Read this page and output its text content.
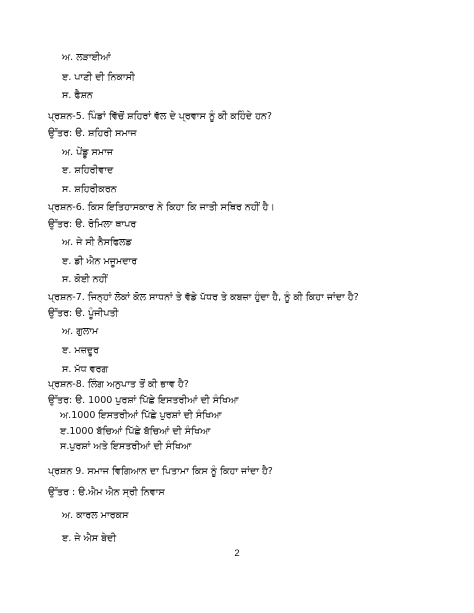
ਅ. ਲੜਾਈਆਂ
ੲ. ਪਾਣੀ ਦੀ ਨਿਕਾਸੀ
ਸ. ਫੈਸ਼ਨ
ਪ੍ਰਸ਼ਨ-5. ਪਿੰਡਾਂ ਵਿੱਚੋਂ ਸ਼ਹਿਰਾਂ ਵੱਲ ਦੇ ਪ੍ਰਵਾਸ ਨੂੰ ਕੀ ਕਹਿੰਦੇ ਹਨ?
ਉੱਤਰ: ੳ. ਸ਼ਹਿਰੀ ਸਮਾਜ
ਅ. ਪੇਂਡੂ ਸਮਾਜ
ੲ. ਸ਼ਹਿਰੀਵਾਦ
ਸ. ਸ਼ਹਿਰੀਕਰਨ
ਪ੍ਰਸ਼ਨ-6. ਕਿਸ ਇਤਿਹਾਸਕਾਰ ਨੇ ਕਿਹਾ ਕਿ ਜਾਤੀ ਸਥਿਰ ਨਹੀਂ ਹੈ।
ਉੱਤਰ: ੳ. ਰੋਮਿਲਾ ਥਾਪਰ
ਅ. ਜੇ ਸੀ ਨੈਸਫਿਲਡ
ੲ. ਡੀ ਐਨ ਮਜੂਮਦਾਰ
ਸ. ਕੋਈ ਨਹੀਂ
ਪ੍ਰਸ਼ਨ-7. ਜਿਨ੍ਹਾਂ ਲੋਕਾਂ ਕੋਲ ਸਾਧਨਾਂ ਤੇ ਵੱਡੇ ਪੱਧਰ ਤੇ ਕਬਜ਼ਾ ਹੁੰਦਾ ਹੈ, ਨੂੰ ਕੀ ਕਿਹਾ ਜਾਂਦਾ ਹੈ?
ਉੱਤਰ: ੳ. ਪੂੰਜੀਪਤੀ
ਅ. ਗੁਲਾਮ
ੲ. ਮਜ਼ਦੂਰ
ਸ. ਮੱਧ ਵਰਗ
ਪ੍ਰਸ਼ਨ-8. ਲਿੰਗ ਅਨੁਪਾਤ ਤੋਂ ਕੀ ਭਾਵ ਹੈ?
ਉੱਤਰ: ੳ. 1000 ਪੁਰਸ਼ਾਂ ਪਿੱਛੇ ਇਸਤਰੀਆਂ ਦੀ ਸੰਖਿਆ
ਅ.1000 ਇਸਤਰੀਆਂ ਪਿੱਛੇ ਪੁਰਸ਼ਾਂ ਦੀ ਸੰਖਿਆ
ੲ.1000 ਬੱਚਿਆਂ ਪਿੱਛੇ ਬੱਚਿਆਂ ਦੀ ਸੰਖਿਆ
ਸ.ਪੁਰਸ਼ਾਂ ਅਤੇ ਇਸਤਰੀਆਂ ਦੀ ਸੰਖਿਆ
ਪ੍ਰਸ਼ਨ 9. ਸਮਾਜ ਵਿਗਿਆਨ ਦਾ ਪਿਤਾਮਾ ਕਿਸ ਨੂੰ ਕਿਹਾ ਜਾਂਦਾ ਹੈ?
ਉੱਤਰ : ੳ.ਐਮ ਐਨ ਸ੍ਰੀ ਨਿਵਾਸ
ਅ. ਕਾਰਲ ਮਾਰਕਸ
ੲ. ਜੇ ਐਸ ਬੇਦੀ
2
